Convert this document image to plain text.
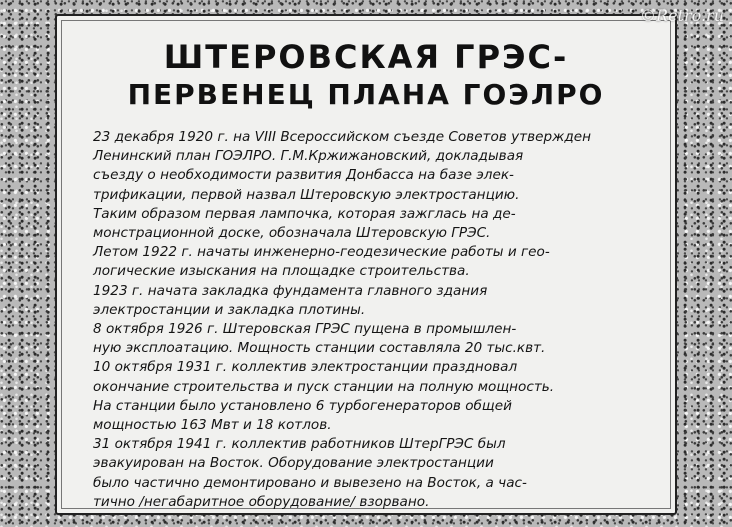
ШТЕРОВСКАЯ ГРЭС-
ПЕРВЕНЕЦ ПЛАНА ГОЭЛРО

23 декабря 1920 г. на VIII Всероссийском съезде Советов утвержден

Ленинский план ГОЭЛРО. Г.М.Кржижановский, докладывая

съезду о необходимости развития Донбасса на базе элек-

трификации, первой назвал Штеровскую электростанцию.

Таким образом первая лампочка, которая зажглась на де-

монстрационной доске, обозначала Штеровскую ГРЭС.

Летом 1922 г. начаты инженерно-геодезические работы и гео-

логические изыскания на площадке строительства.

1923 г. начата закладка фундамента главного здания

электростанции и закладка плотины.

8 октября 1926 г. Штеровская ГРЭС пущена в промышлен-

ную эксплоатацию. Мощность станции составляла 20 тыс.квт.

10 октября 1931 г. коллектив электростанции праздновал

окончание строительства и пуск станции на полную мощность.

На станции было установлено 6 турбогенераторов общей

мощностью 163 Мвт и 18 котлов.

31 октября 1941 г. коллектив работников ШтерГРЭС был

эвакуирован на Восток. Оборудование электростанции

было частично демонтировано и вывезено на Восток, а час-

тично /негабаритное оборудование/ взорвано.

©Retro.ru
